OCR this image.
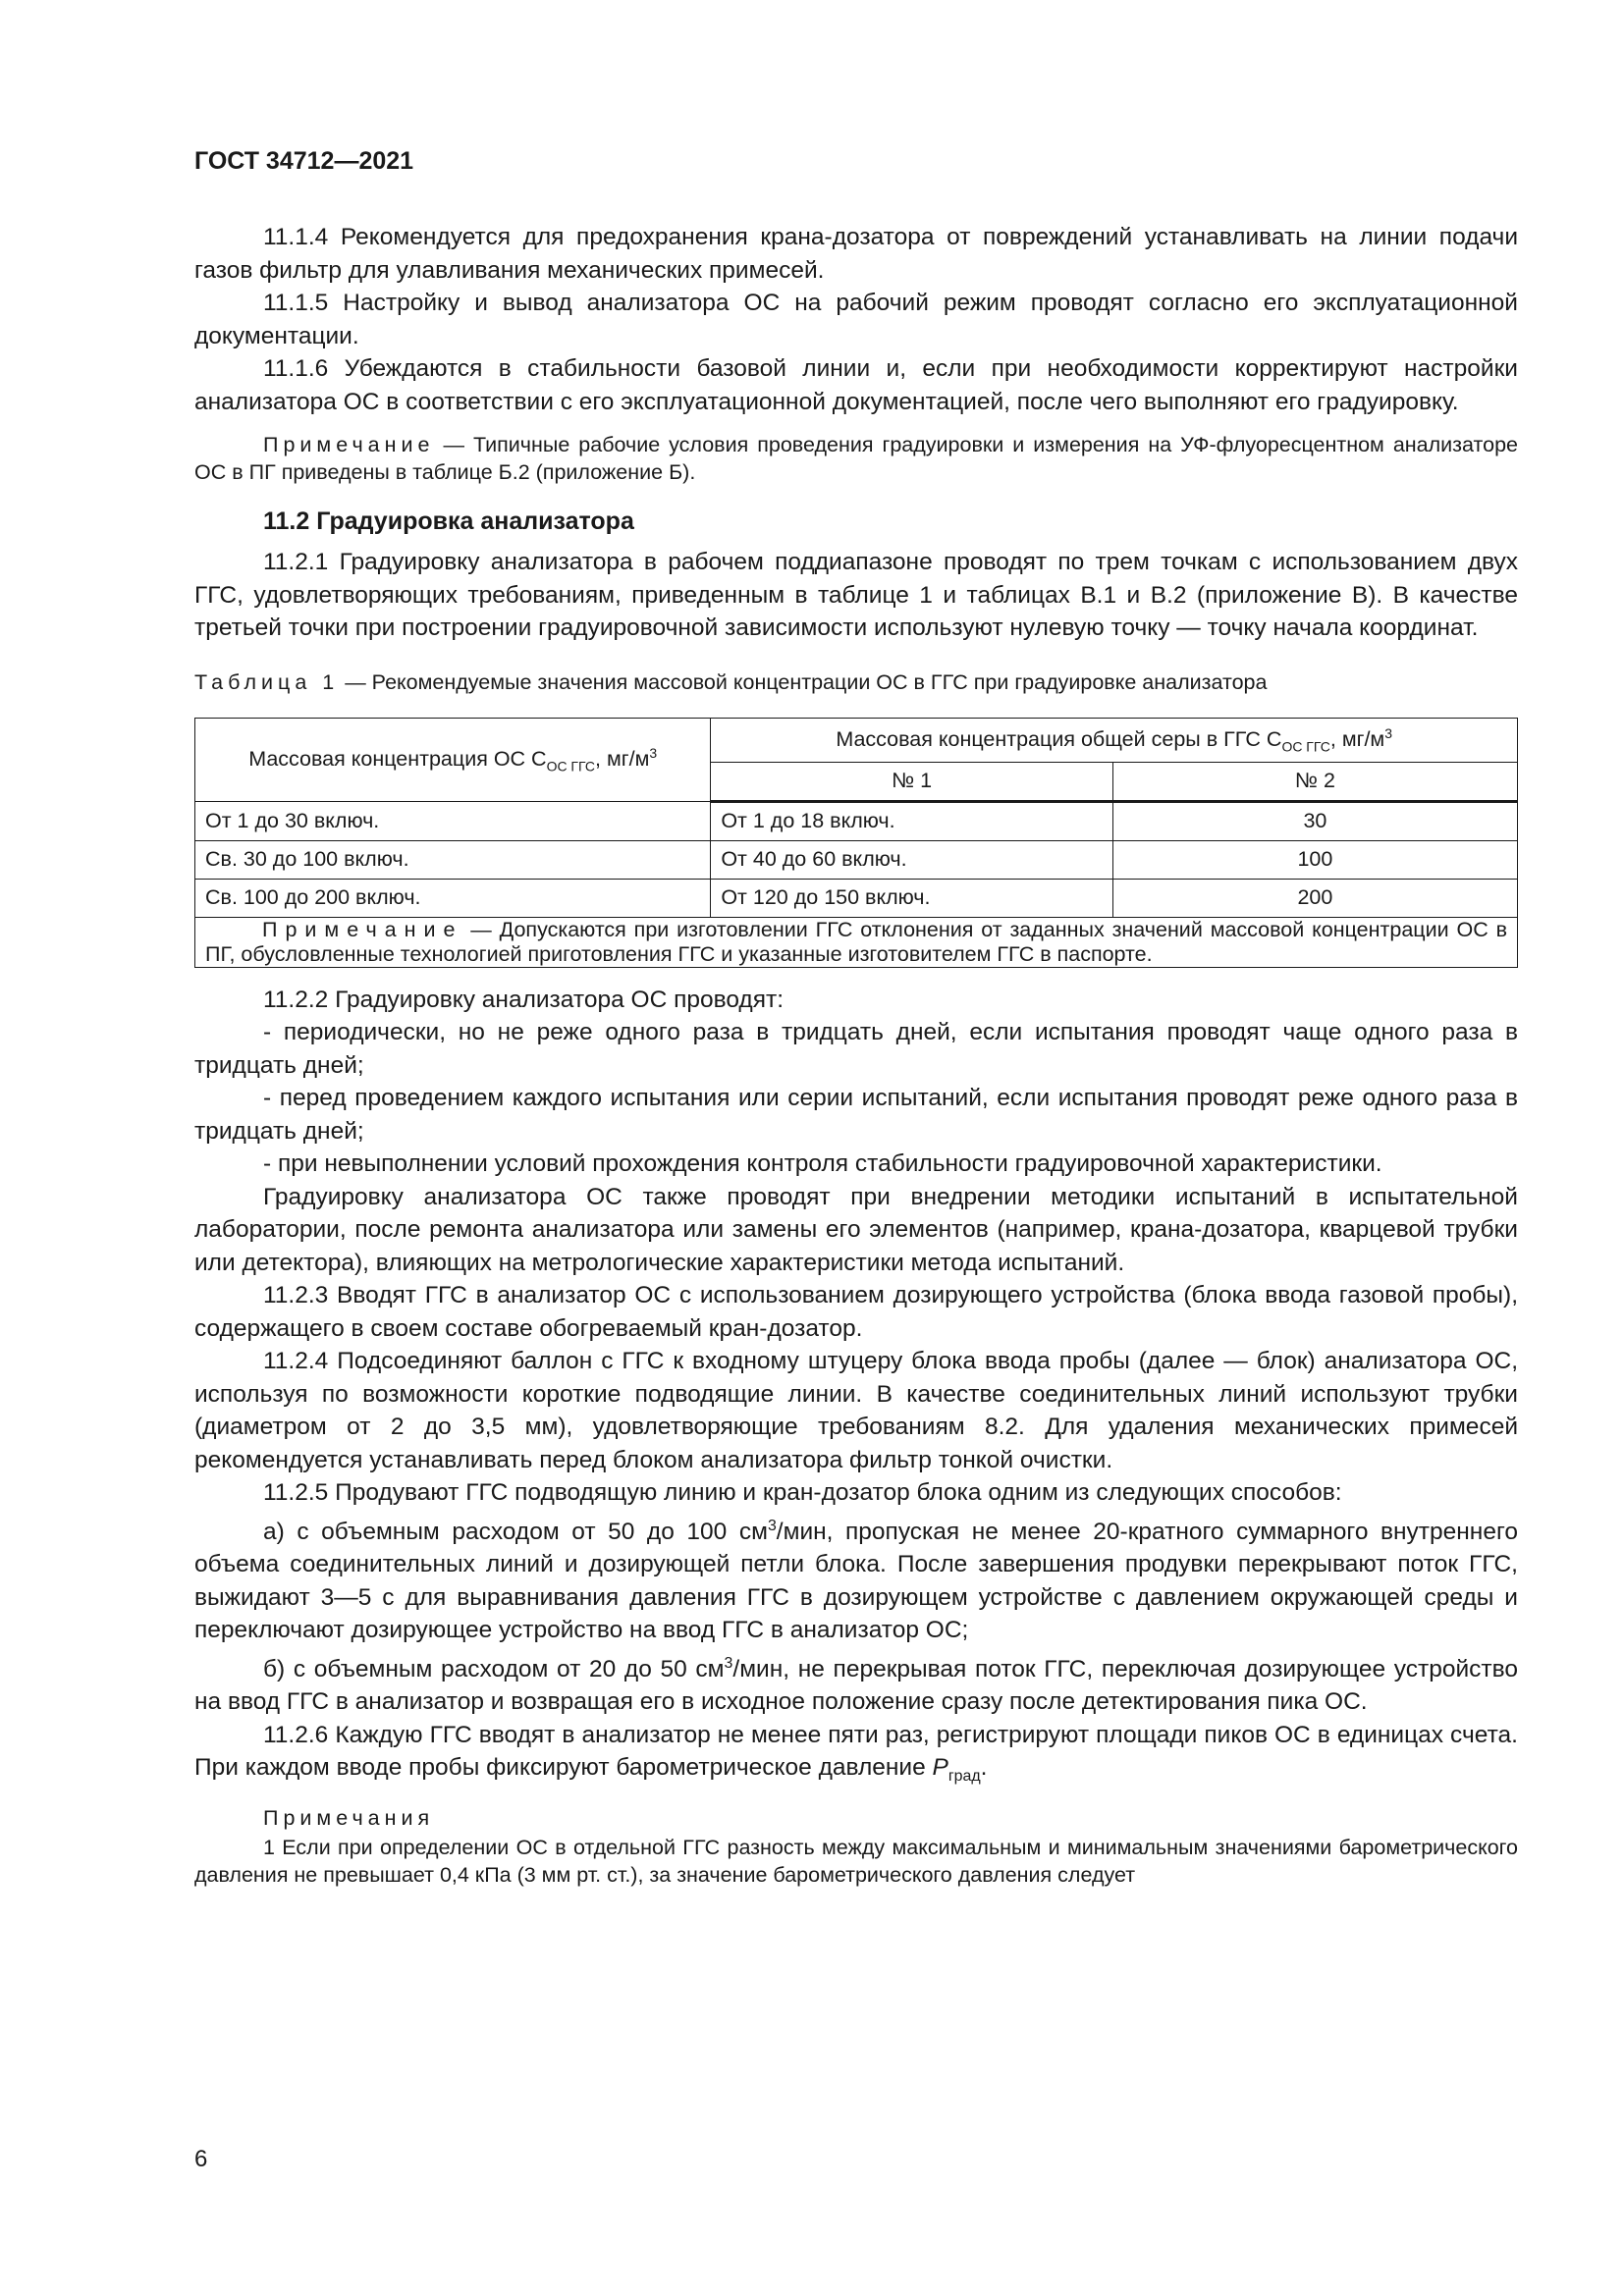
ГОСТ 34712—2021

11.1.4 Рекомендуется для предохранения крана-дозатора от повреждений устанавливать на линии подачи газов фильтр для улавливания механических примесей.

11.1.5 Настройку и вывод анализатора ОС на рабочий режим проводят согласно его эксплуатационной документации.

11.1.6 Убеждаются в стабильности базовой линии и, если при необходимости корректируют настройки анализатора ОС в соответствии с его эксплуатационной документацией, после чего выполняют его градуировку.

Примечание — Типичные рабочие условия проведения градуировки и измерения на УФ-флуоресцентном анализаторе ОС в ПГ приведены в таблице Б.2 (приложение Б).

11.2 Градуировка анализатора

11.2.1 Градуировку анализатора в рабочем поддиапазоне проводят по трем точкам с использованием двух ГГС, удовлетворяющих требованиям, приведенным в таблице 1 и таблицах В.1 и В.2 (приложение В). В качестве третьей точки при построении градуировочной зависимости используют нулевую точку — точку начала координат.

Таблица 1 — Рекомендуемые значения массовой концентрации ОС в ГГС при градуировке анализатора

Массовая концентрация ОС $С_{ОС ГГС}$, $мг/м^3$	Массовая концентрация общей серы в ГГС $С_{ОС ГГС}$, $мг/м^3$
	№ 1	№ 2
От 1 до 30 включ.	От 1 до 18 включ.	30
Св. 30 до 100 включ.	От 40 до 60 включ.	100
Св. 100 до 200 включ.	От 120 до 150 включ.	200

Примечание — Допускаются при изготовлении ГГС отклонения от заданных значений массовой концентрации ОС в ПГ, обусловленные технологией приготовления ГГС и указанные изготовителем ГГС в паспорте.		

11.2.2 Градуировку анализатора ОС проводят:

- периодически, но не реже одного раза в тридцать дней, если испытания проводят чаще одного раза в тридцать дней;

- перед проведением каждого испытания или серии испытаний, если испытания проводят реже одного раза в тридцать дней;

- при невыполнении условий прохождения контроля стабильности градуировочной характеристики.

Градуировку анализатора ОС также проводят при внедрении методики испытаний в испытательной лаборатории, после ремонта анализатора или замены его элементов (например, крана-дозатора, кварцевой трубки или детектора), влияющих на метрологические характеристики метода испытаний.

11.2.3 Вводят ГГС в анализатор ОС с использованием дозирующего устройства (блока ввода газовой пробы), содержащего в своем составе обогреваемый кран-дозатор.

11.2.4 Подсоединяют баллон с ГГС к входному штуцеру блока ввода пробы (далее — блок) анализатора ОС, используя по возможности короткие подводящие линии. В качестве соединительных линий используют трубки (диаметром от 2 до 3,5 мм), удовлетворяющие требованиям 8.2. Для удаления механических примесей рекомендуется устанавливать перед блоком анализатора фильтр тонкой очистки.

11.2.5 Продувают ГГС подводящую линию и кран-дозатор блока одним из следующих способов:

а) с объемным расходом от 50 до 100 $см^3$/мин, пропуская не менее 20-кратного суммарного внутреннего объема соединительных линий и дозирующей петли блока. После завершения продувки перекрывают поток ГГС, выжидают 3—5 с для выравнивания давления ГГС в дозирующем устройстве с давлением окружающей среды и переключают дозирующее устройство на ввод ГГС в анализатор ОС;

б) с объемным расходом от 20 до 50 $см^3$/мин, не перекрывая поток ГГС, переключая дозирующее устройство на ввод ГГС в анализатор и возвращая его в исходное положение сразу после детектирования пика ОС.

11.2.6 Каждую ГГС вводят в анализатор не менее пяти раз, регистрируют площади пиков ОС в единицах счета. При каждом вводе пробы фиксируют барометрическое давление $P_{град}$.

Примечания

1 Если при определении ОС в отдельной ГГС разность между максимальным и минимальным значениями барометрического давления не превышает 0,4 кПа (3 мм рт. ст.), за значение барометрического давления следует

6
